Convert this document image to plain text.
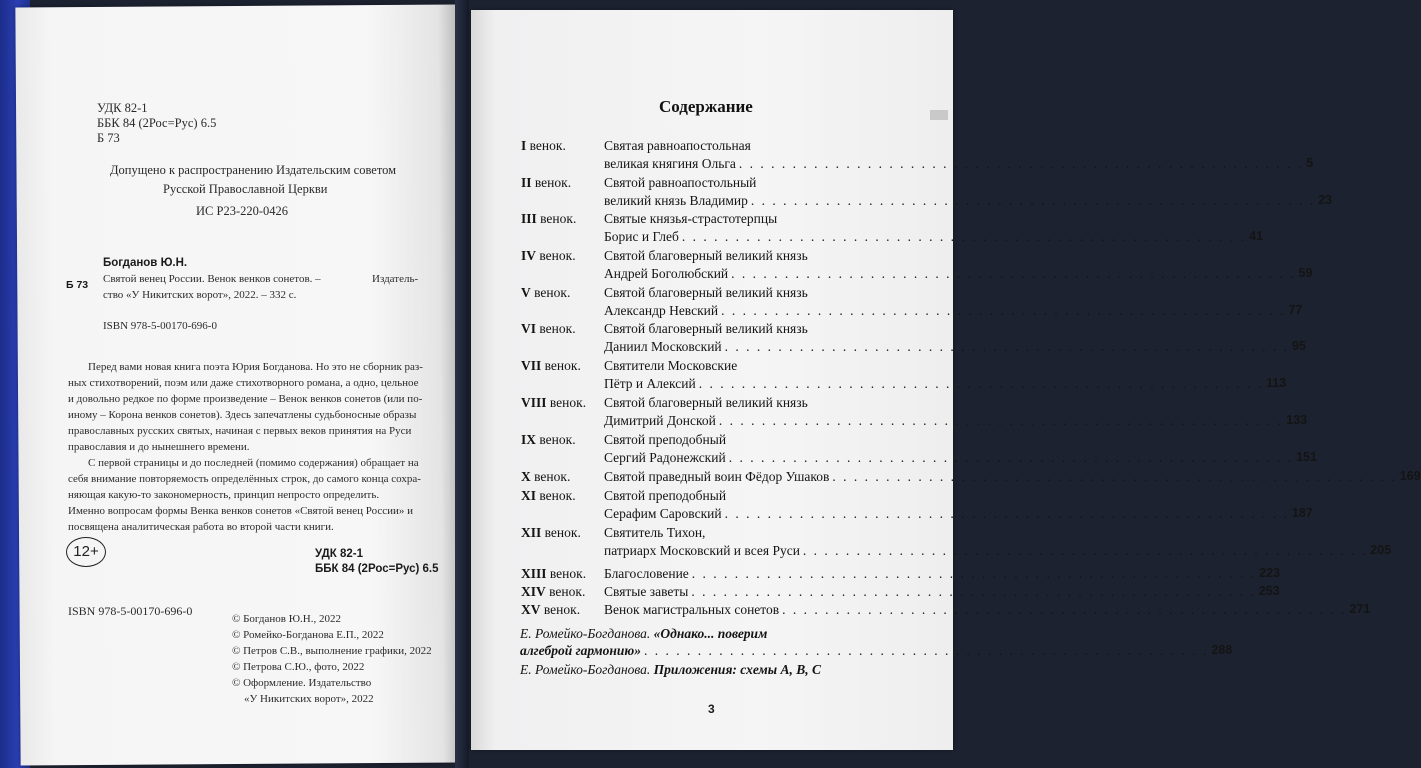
УДК 82-1
ББК 84 (2Рос=Рус) 6.5
Б 73
Допущено к распространению Издательским советом
Русской Православной Церкви
ИС Р23-220-0426
Богданов Ю.Н.
Б 73 Святой венец России. Венок венков сонетов. –	Издатель-
ство «У Никитских ворот», 2022. – 332 с.
ISBN 978-5-00170-696-0
Перед вами новая книга поэта Юрия Богданова. Но это не сборник раз-
ных стихотворений, поэм или даже стихотворного романа, а одно, цельное
и довольно редкое по форме произведение – Венок венков сонетов (или по-
иному – Корона венков сонетов). Здесь запечатлены судьбоносные образы
православных русских святых, начиная с первых веков принятия на Руси
православия и до нынешнего времени.
С первой страницы и до последней (помимо содержания) обращает на
себя внимание повторяемость определённых строк, до самого конца сохра-
няющая какую-то закономерность, принцип непросто определить.
Именно вопросам формы Венка венков сонетов «Святой венец России» и
посвящена аналитическая работа во второй части книги.
12+	УДК 82-1
ББК 84 (2Рос=Рус) 6.5
ISBN 978-5-00170-696-0
© Богданов Ю.Н., 2022
© Ромейко-Богданова Е.П., 2022
© Петров С.В., выполнение графики, 2022
© Петрова С.Ю., фото, 2022
© Оформление. Издательство
«У Никитских ворот», 2022
Содержание
I венок.	Святая равноапостольная
великая княгиня Ольга . . . . . . . . . . . . . . . . . . . . . . . . . . . . . . . . . . . . . . . . . . . . . . . . . . . . . 5
II венок. Святой равноапостольный
великий князь Владимир . . . . . . . . . . . . . . . . . . . . . . . . . . . . . . . . . . . . . . . . . . . . . . . . . . . . . 23
III венок. Святые князья-страстотерпцы
Борис и Глеб . . . . . . . . . . . . . . . . . . . . . . . . . . . . . . . . . . . . . . . . . . . . . . . . . . . . . 41
IV венок. Святой благоверный великий князь
Андрей Боголюбский . . . . . . . . . . . . . . . . . . . . . . . . . . . . . . . . . . . . . . . . . . . . . . . . . . . . . 59
V венок. Святой благоверный великий князь
Александр Невский . . . . . . . . . . . . . . . . . . . . . . . . . . . . . . . . . . . . . . . . . . . . . . . . . . . . . 77
VI венок. Святой благоверный великий князь
Даниил Московский . . . . . . . . . . . . . . . . . . . . . . . . . . . . . . . . . . . . . . . . . . . . . . . . . . . . . 95
VII венок. Святители Московские
Пётр и Алексий . . . . . . . . . . . . . . . . . . . . . . . . . . . . . . . . . . . . . . . . . . . . . . . . . . . . . 113
VIII венок. Святой благоверный великий князь
Димитрий Донской . . . . . . . . . . . . . . . . . . . . . . . . . . . . . . . . . . . . . . . . . . . . . . . . . . . . . 133
IX венок. Святой преподобный
Сергий Радонежский . . . . . . . . . . . . . . . . . . . . . . . . . . . . . . . . . . . . . . . . . . . . . . . . . . . . . 151
X венок. Святой праведный воин Фёдор Ушаков . . . . . . . . . . . . . . . . . . . . . . . . . . . . . . . . . . . . . . . . . . . . . . . . . . . . . 169
XI венок. Святой преподобный
Серафим Саровский . . . . . . . . . . . . . . . . . . . . . . . . . . . . . . . . . . . . . . . . . . . . . . . . . . . . . 187
XII венок. Святитель Тихон,
патриарх Московский и всея Руси . . . . . . . . . . . . . . . . . . . . . . . . . . . . . . . . . . . . . . . . . . . . . . . . . . . . . 205
XIII венок. Благословение . . . . . . . . . . . . . . . . . . . . . . . . . . . . . . . . . . . . . . . . . . . . . . . . . . . . . 223
XIV венок. Святые заветы . . . . . . . . . . . . . . . . . . . . . . . . . . . . . . . . . . . . . . . . . . . . . . . . . . . . . 253
XV венок. Венок магистральных сонетов . . . . . . . . . . . . . . . . . . . . . . . . . . . . . . . . . . . . . . . . . . . . . . . . . . . . . 271
Е. Ромейко-Богданова. «Однако... поверим
алгеброй гармонию» . . . . . . . . . . . . . . . . . . . . . . . . . . . . . . . . . . . . . . . . . . . . . . . . . . . . . 288
Е. Ромейко-Богданова. Приложения: схемы А, В, С
3
